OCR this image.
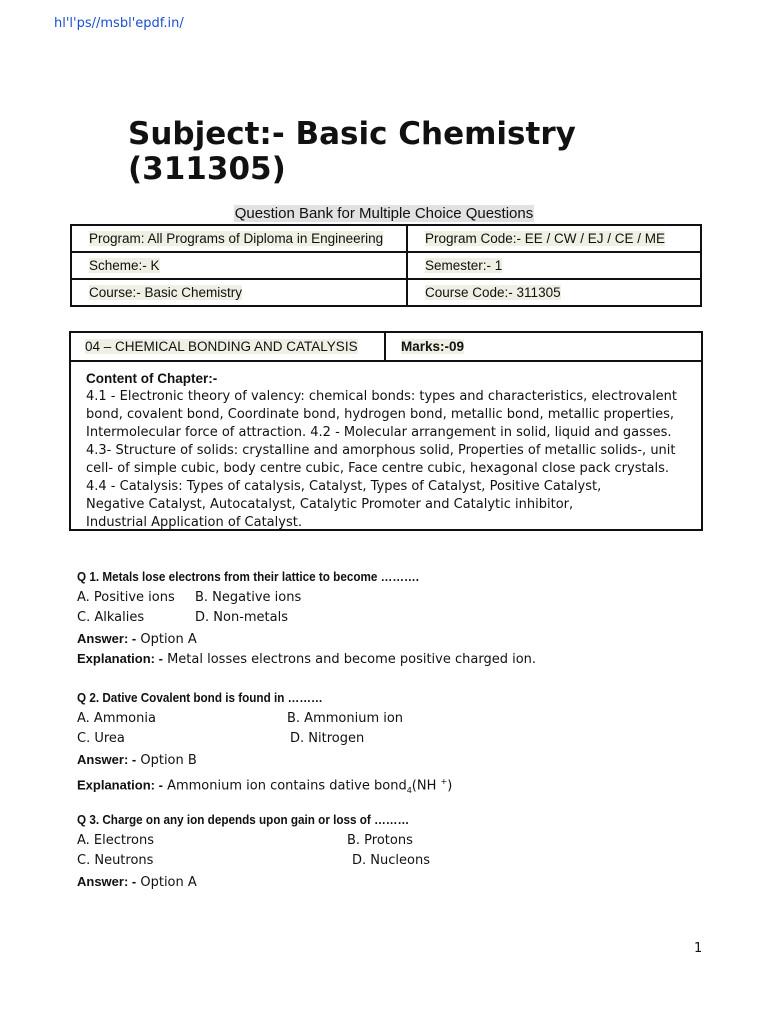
hl'l'ps//msbl'epdf.in/
Subject:- Basic Chemistry
(311305)
Question Bank for Multiple Choice Questions
Program: All Programs of Diploma in Engineering	Program Code:- EE / CW / EJ / CE / ME
Scheme:- K	Semester:- 1
Course:- Basic Chemistry	Course Code:- 311305
04 – CHEMICAL BONDING AND CATALYSIS	Marks:-09
Content of Chapter:-
4.1 - Electronic theory of valency: chemical bonds: types and characteristics, electrovalent
bond, covalent bond, Coordinate bond, hydrogen bond, metallic bond, metallic properties,
Intermolecular force of attraction. 4.2 - Molecular arrangement in solid, liquid and gasses.
4.3- Structure of solids: crystalline and amorphous solid, Properties of metallic solids-, unit
cell- of simple cubic, body centre cubic, Face centre cubic, hexagonal close pack crystals.
4.4 - Catalysis: Types of catalysis, Catalyst, Types of Catalyst, Positive Catalyst,
Negative Catalyst, Autocatalyst, Catalytic Promoter and Catalytic inhibitor,
Industrial Application of Catalyst.
Q 1. Metals lose electrons from their lattice to become ……….
A. Positive ions B. Negative ions
C. Alkalies	D. Non-metals
Answer: - Option A
Explanation: - Metal losses electrons and become positive charged ion.
Q 2. Dative Covalent bond is found in ………
A. Ammonia	B. Ammonium ion
C. Urea	D. Nitrogen
Answer: - Option B
Explanation: - Ammonium ion contains dative bond$_4$(NH +)
Q 3. Charge on any ion depends upon gain or loss of ………
A. Electrons	B. Protons
C. Neutrons	D. Nucleons
Answer: - Option A
1
